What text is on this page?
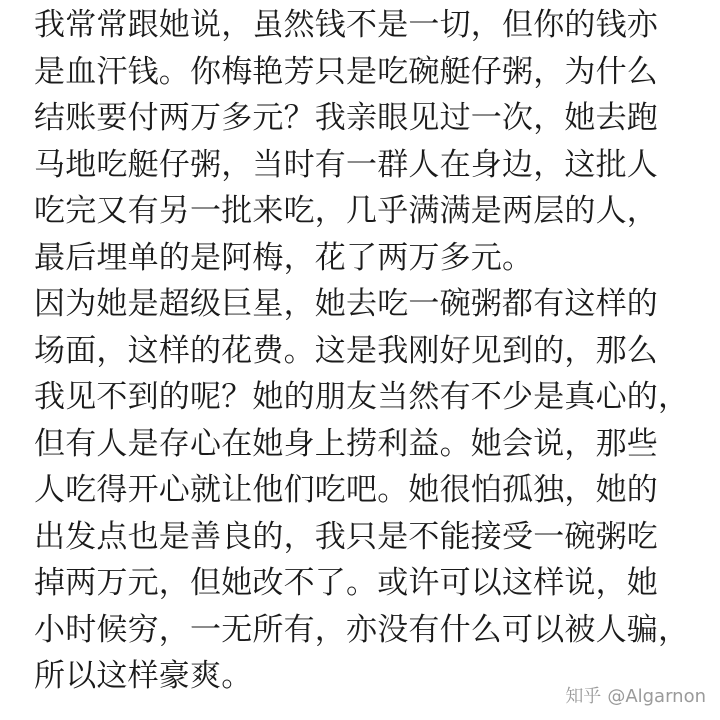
我常常跟她说，虽然钱不是一切，但你的钱亦
是血汗钱。你梅艳芳只是吃碗艇仔粥，为什么
结账要付两万多元？我亲眼见过一次，她去跑
马地吃艇仔粥，当时有一群人在身边，这批人
吃完又有另一批来吃，几乎满满是两层的人，
最后埋单的是阿梅，花了两万多元。
因为她是超级巨星，她去吃一碗粥都有这样的
场面，这样的花费。这是我刚好见到的，那么
我见不到的呢？她的朋友当然有不少是真心的，
但有人是存心在她身上捞利益。她会说，那些
人吃得开心就让他们吃吧。她很怕孤独，她的
出发点也是善良的，我只是不能接受一碗粥吃
掉两万元，但她改不了。或许可以这样说，她
小时候穷，一无所有，亦没有什么可以被人骗，
所以这样豪爽。
知乎 @Algarnon
